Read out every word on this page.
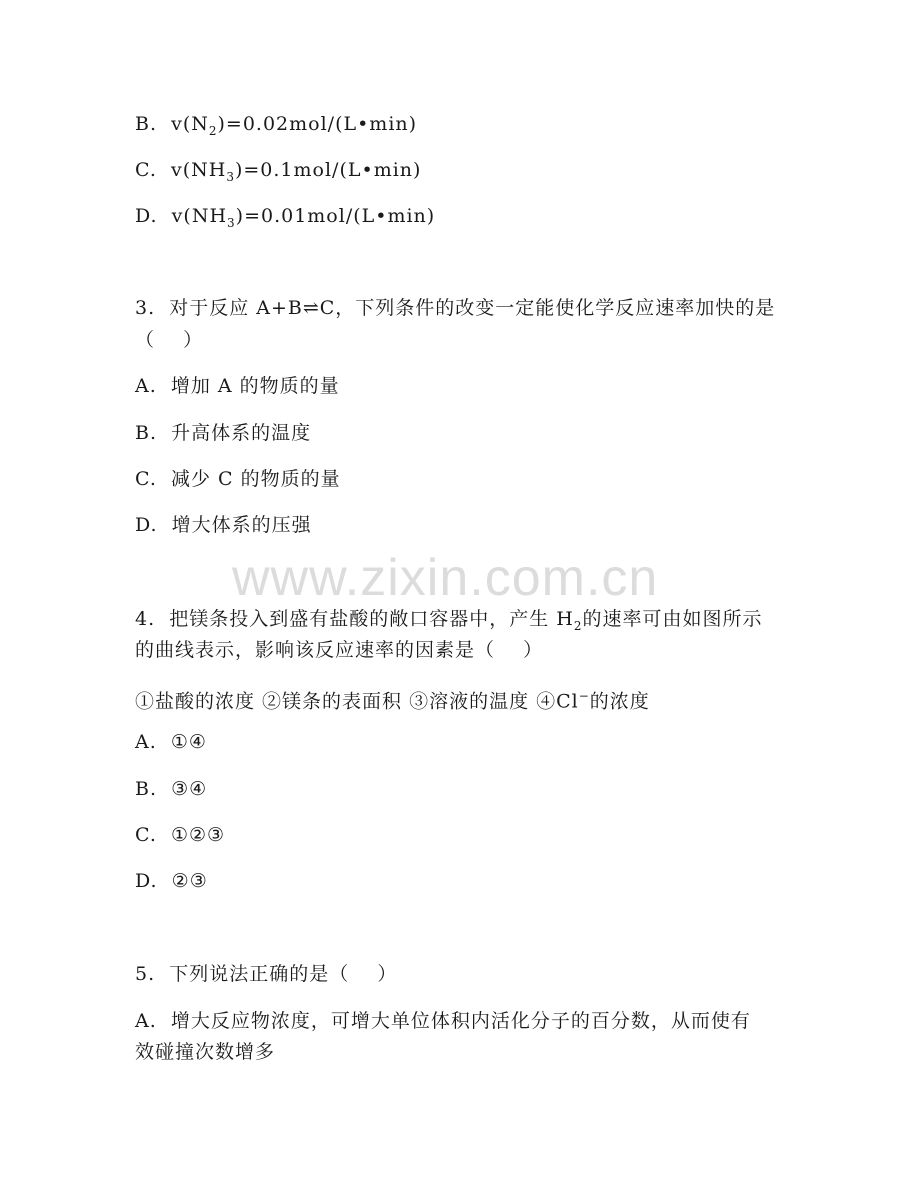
B.  $v(N_2)=0.02mol/(L•\min)$
C.  $v(NH_3)=0.1mol/(L•\min)$
D.  $v(NH_3)=0.01mol/(L•\min)$
3.  对于反应 A+B⇌C，下列条件的改变一定能使化学反应速率加快的是
（    ）
A.  增加 A 的物质的量
B.  升高体系的温度
C.  减少 C 的物质的量
D.  增大体系的压强
www.zixin.com.cn
4.  把镁条投入到盛有盐酸的敞口容器中，产生 $H_2$的速率可由如图所示
的曲线表示，影响该反应速率的因素是（    ）
①盐酸的浓度 ②镁条的表面积 ③溶液的温度 ④Cl−的浓度
A.  ①④
B.  ③④
C.  ①②③
D.  ②③
5.  下列说法正确的是（    ）
A.  增大反应物浓度，可增大单位体积内活化分子的百分数，从而使有
效碰撞次数增多
